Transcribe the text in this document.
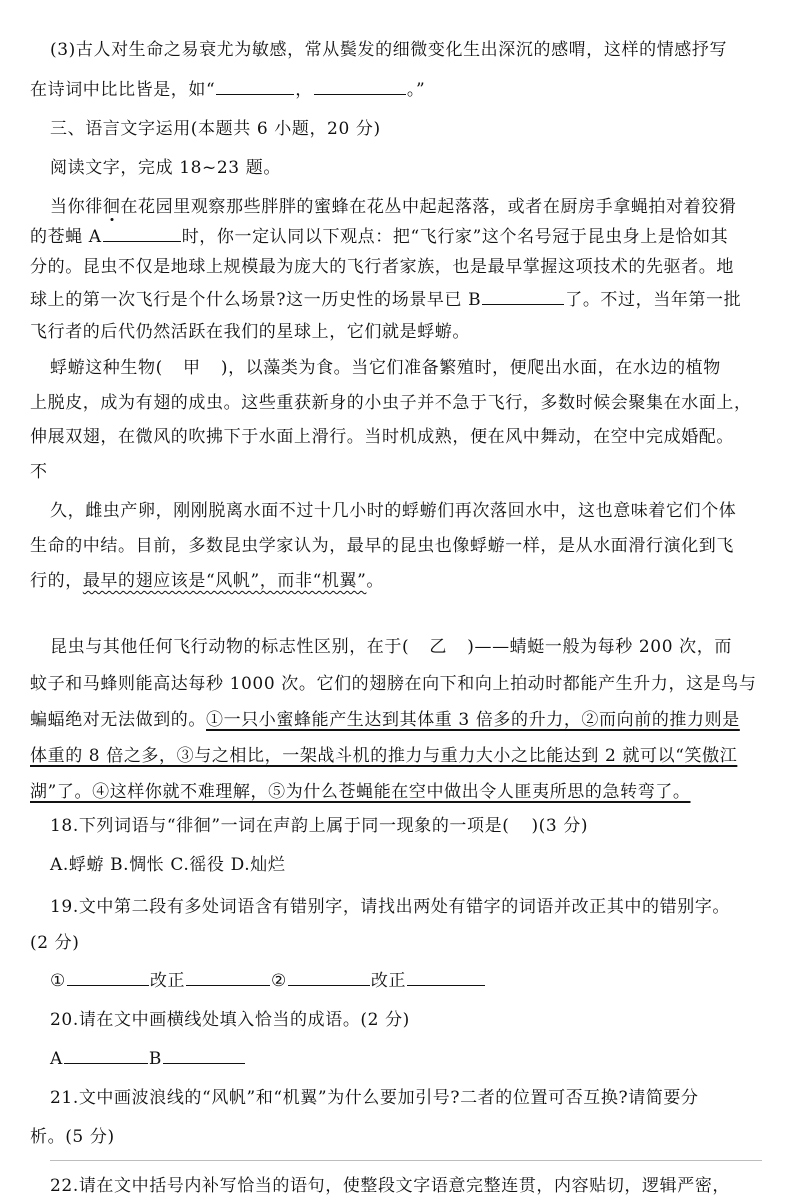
(3)古人对生命之易衰尤为敏感，常从鬓发的细微变化生出深沉的感喟，这样的情感抒写
在诗词中比比皆是，如“	，	。”
三、语言文字运用(本题共 6 小题，20 分)
阅读文字，完成 18~23 题。
当你徘徊在花园里观察那些胖胖的蜜蜂在花丛中起起落落，或者在厨房手拿蝇拍对着狡猾
的苍蝇 A	时，你一定认同以下观点：把“飞行家”这个名号冠于昆虫身上是恰如其
分的。昆虫不仅是地球上规模最为庞大的飞行者家族，也是最早掌握这项技术的先驱者。地
球上的第一次飞行是个什么场景?这一历史性的场景早已 B	了。不过，当年第一批
飞行者的后代仍然活跃在我们的星球上，它们就是蜉蝣。
蜉蝣这种生物( 甲 )，以藻类为食。当它们准备繁殖时，便爬出水面，在水边的植物
上脱皮，成为有翅的成虫。这些重获新身的小虫子并不急于飞行，多数时候会聚集在水面上，
伸展双翅，在微风的吹拂下于水面上滑行。当时机成熟，便在风中舞动，在空中完成婚配。
不
久，雌虫产卵，刚刚脱离水面不过十几小时的蜉蝣们再次落回水中，这也意味着它们个体
生命的中结。目前，多数昆虫学家认为，最早的昆虫也像蜉蝣一样，是从水面滑行演化到飞
行的，最早的翅应该是“风帆”，而非“机翼”。
昆虫与其他任何飞行动物的标志性区别，在于( 乙 )——蜻蜓一般为每秒 200 次，而
蚊子和马蜂则能高达每秒 1000 次。它们的翅膀在向下和向上拍动时都能产生升力，这是鸟与
蝙蝠绝对无法做到的。①一只小蜜蜂能产生达到其体重 3 倍多的升力，②而向前的推力则是
体重的 8 倍之多，③与之相比，一架战斗机的推力与重力大小之比能达到 2 就可以“笑傲江
湖”了。④这样你就不难理解，⑤为什么苍蝇能在空中做出令人匪夷所思的急转弯了。
18.下列词语与“徘徊”一词在声韵上属于同一现象的一项是( )(3 分)
A.蜉蝣 B.惆怅 C.徭役 D.灿烂
19.文中第二段有多处词语含有错别字，请找出两处有错字的词语并改正其中的错别字。
(2 分)
①	改正	②	改正
20.请在文中画横线处填入恰当的成语。(2 分)
A	B
21.文中画波浪线的“风帆”和“机翼”为什么要加引号?二者的位置可否互换?请简要分
析。(5 分)
22.请在文中括号内补写恰当的语句，使整段文字语意完整连贯，内容贴切，逻辑严密，
